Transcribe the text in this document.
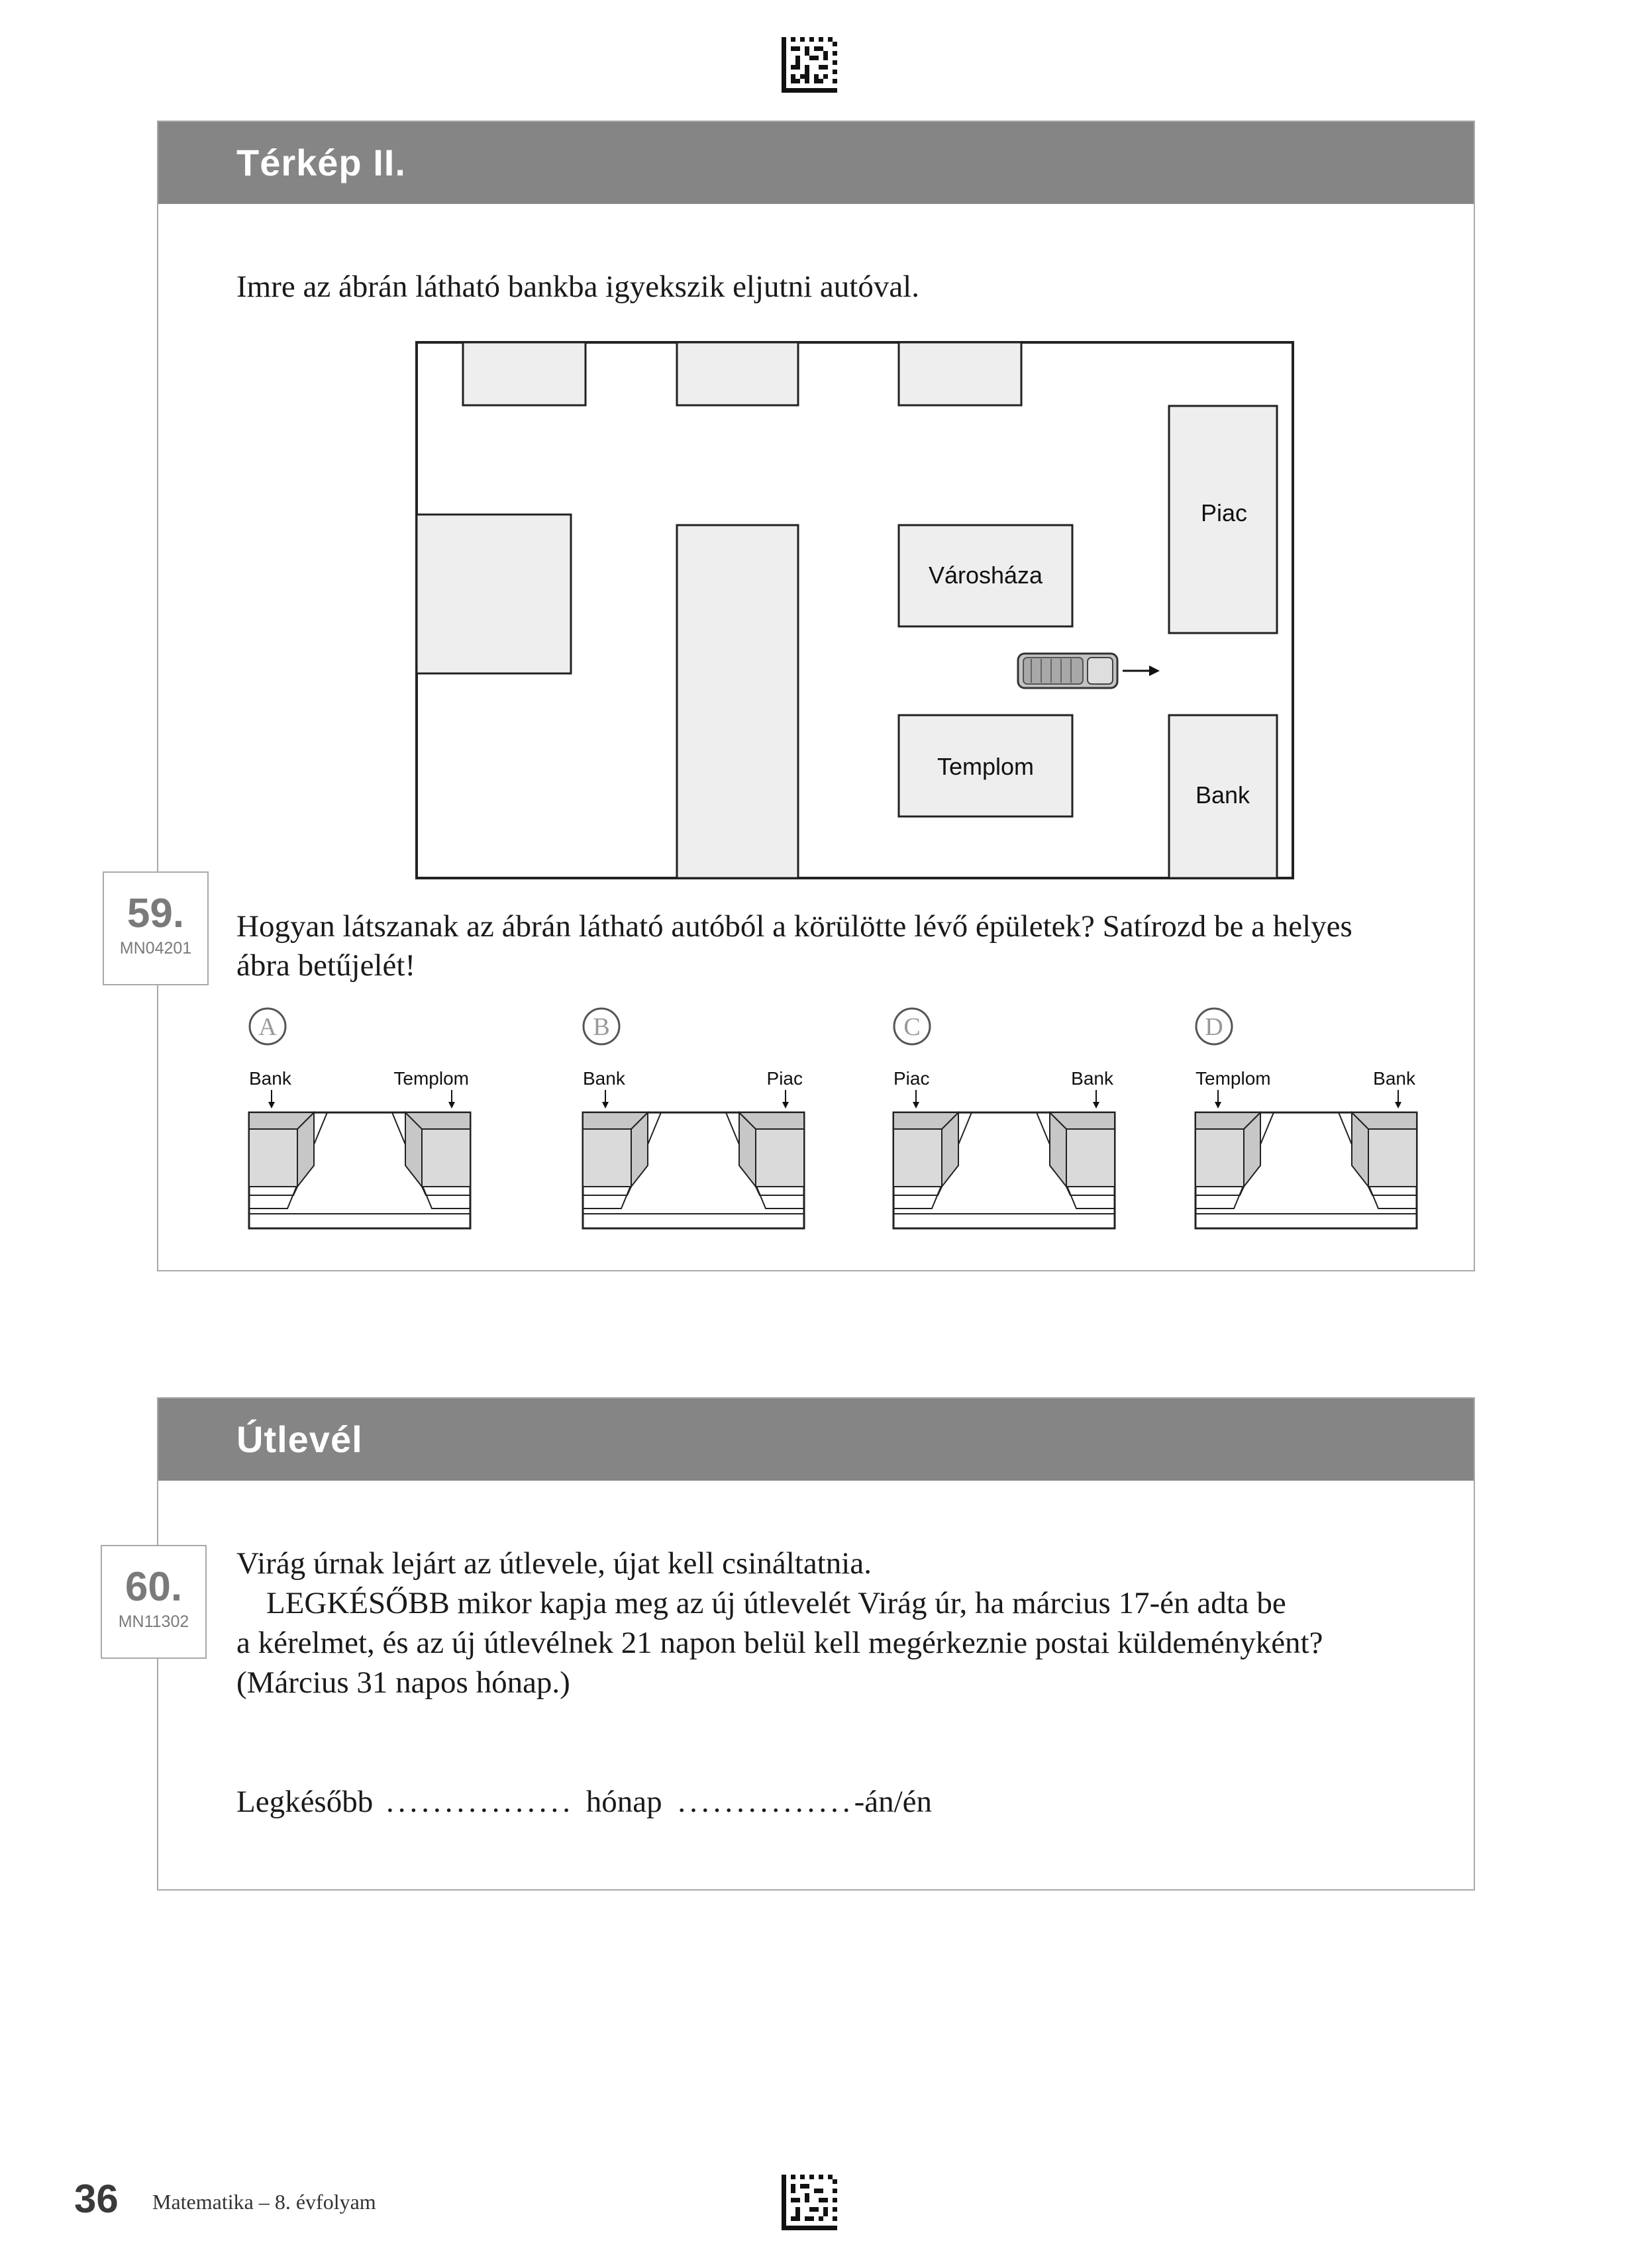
Térkép II.
59.
MN04201
Imre az ábrán látható bankba igyekszik eljutni autóval.
Piac
Városháza
Templom
Bank
Hogyan látszanak az ábrán látható autóból a körülötte lévő épületek? Satírozd be a helyes
ábra betűjelét!
A
Bank	Templom
B
Bank	Piac
C
Piac	Bank
D
Templom	Bank
Útlevél
60.
MN11302
Virág úrnak lejárt az útlevele, újat kell csináltatnia.
LEGKÉSŐBB mikor kapja meg az új útlevelét Virág úr, ha március 17-én adta be
a kérelmet, és az új útlevélnek 21 napon belül kell megérkeznie postai küldeményként?
(Március 31 napos hónap.)
Legkésőbb ................ hónap ...............-án/én
36 Matematika – 8. évfolyam
